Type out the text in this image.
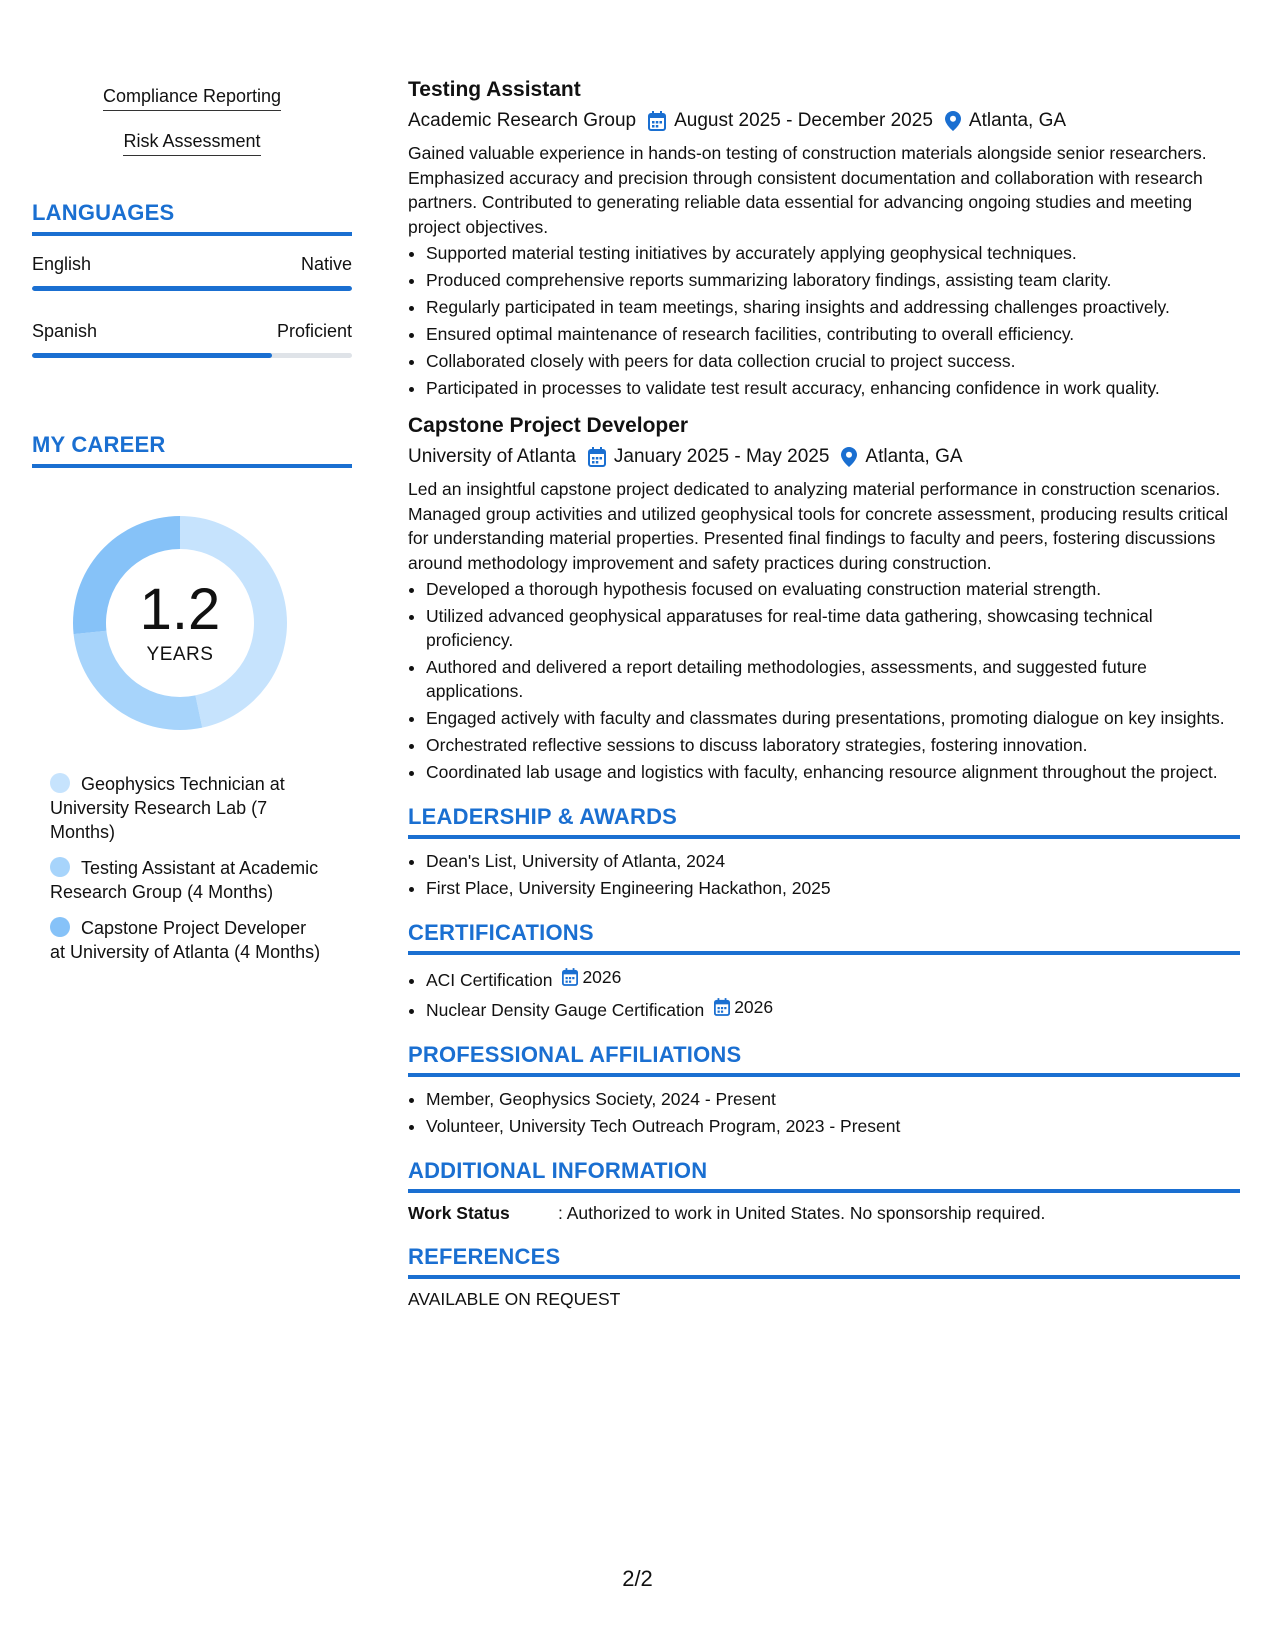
Compliance Reporting
Risk Assessment
LANGUAGES
English	Native
Spanish	Proficient
MY CAREER
1.2
YEARS
Geophysics Technician at University Research Lab (7 Months)
Testing Assistant at Academic Research Group (4 Months)
Capstone Project Developer at University of Atlanta (4 Months)
Testing Assistant
Academic Research Group August 2025 - December 2025 Atlanta, GA
Gained valuable experience in hands-on testing of construction materials alongside senior researchers. Emphasized accuracy and precision through consistent documentation and collaboration with research partners. Contributed to generating reliable data essential for advancing ongoing studies and meeting project objectives.
• Supported material testing initiatives by accurately applying geophysical techniques.
• Produced comprehensive reports summarizing laboratory findings, assisting team clarity.
• Regularly participated in team meetings, sharing insights and addressing challenges proactively.
• Ensured optimal maintenance of research facilities, contributing to overall efficiency.
• Collaborated closely with peers for data collection crucial to project success.
• Participated in processes to validate test result accuracy, enhancing confidence in work quality.
Capstone Project Developer
University of Atlanta January 2025 - May 2025 Atlanta, GA
Led an insightful capstone project dedicated to analyzing material performance in construction scenarios. Managed group activities and utilized geophysical tools for concrete assessment, producing results critical for understanding material properties. Presented final findings to faculty and peers, fostering discussions around methodology improvement and safety practices during construction.
• Developed a thorough hypothesis focused on evaluating construction material strength.
• Utilized advanced geophysical apparatuses for real-time data gathering, showcasing technical proficiency.
• Authored and delivered a report detailing methodologies, assessments, and suggested future applications.
• Engaged actively with faculty and classmates during presentations, promoting dialogue on key insights.
• Orchestrated reflective sessions to discuss laboratory strategies, fostering innovation.
• Coordinated lab usage and logistics with faculty, enhancing resource alignment throughout the project.
LEADERSHIP & AWARDS
• Dean's List, University of Atlanta, 2024
• First Place, University Engineering Hackathon, 2025
CERTIFICATIONS
• ACI Certification 2026
• Nuclear Density Gauge Certification 2026
PROFESSIONAL AFFILIATIONS
• Member, Geophysics Society, 2024 - Present
• Volunteer, University Tech Outreach Program, 2023 - Present
ADDITIONAL INFORMATION
Work Status	: Authorized to work in United States. No sponsorship required.
REFERENCES
AVAILABLE ON REQUEST
2/2
